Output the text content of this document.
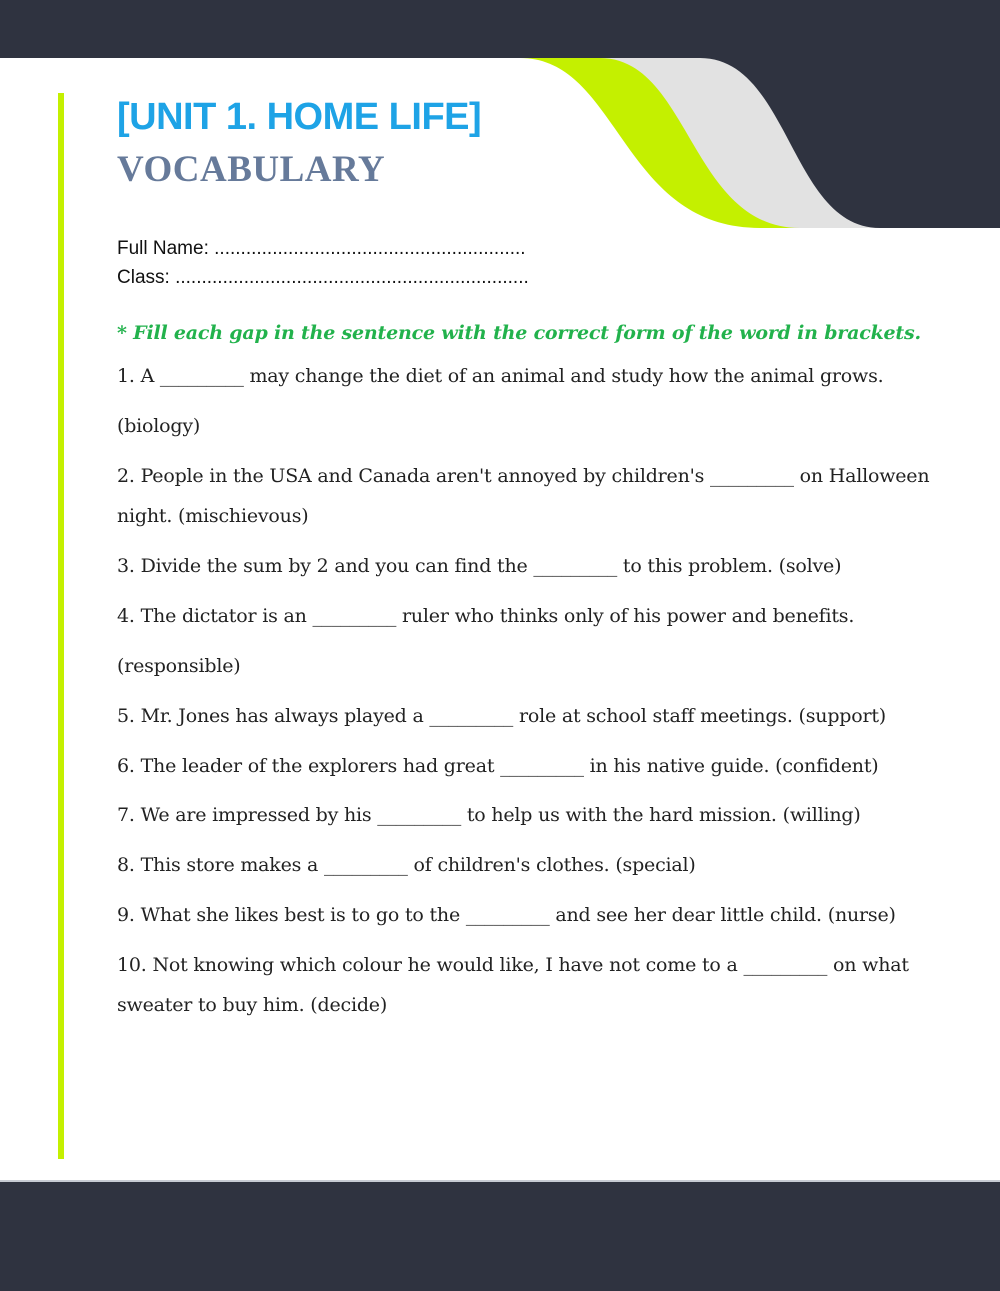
[UNIT 1. HOME LIFE]
VOCABULARY
Full Name: ...........................................................
Class: ...................................................................
* Fill each gap in the sentence with the correct form of the word in brackets.
1. A _________ may change the diet of an animal and study how the animal grows.
(biology)
2. People in the USA and Canada aren't annoyed by children's _________ on Halloween
night. (mischievous)
3. Divide the sum by 2 and you can find the _________ to this problem. (solve)
4. The dictator is an _________ ruler who thinks only of his power and benefits.
(responsible)
5. Mr. Jones has always played a _________ role at school staff meetings. (support)
6. The leader of the explorers had great _________ in his native guide. (confident)
7. We are impressed by his _________ to help us with the hard mission. (willing)
8. This store makes a _________ of children's clothes. (special)
9. What she likes best is to go to the _________ and see her dear little child. (nurse)
10. Not knowing which colour he would like, I have not come to a _________ on what
sweater to buy him. (decide)
